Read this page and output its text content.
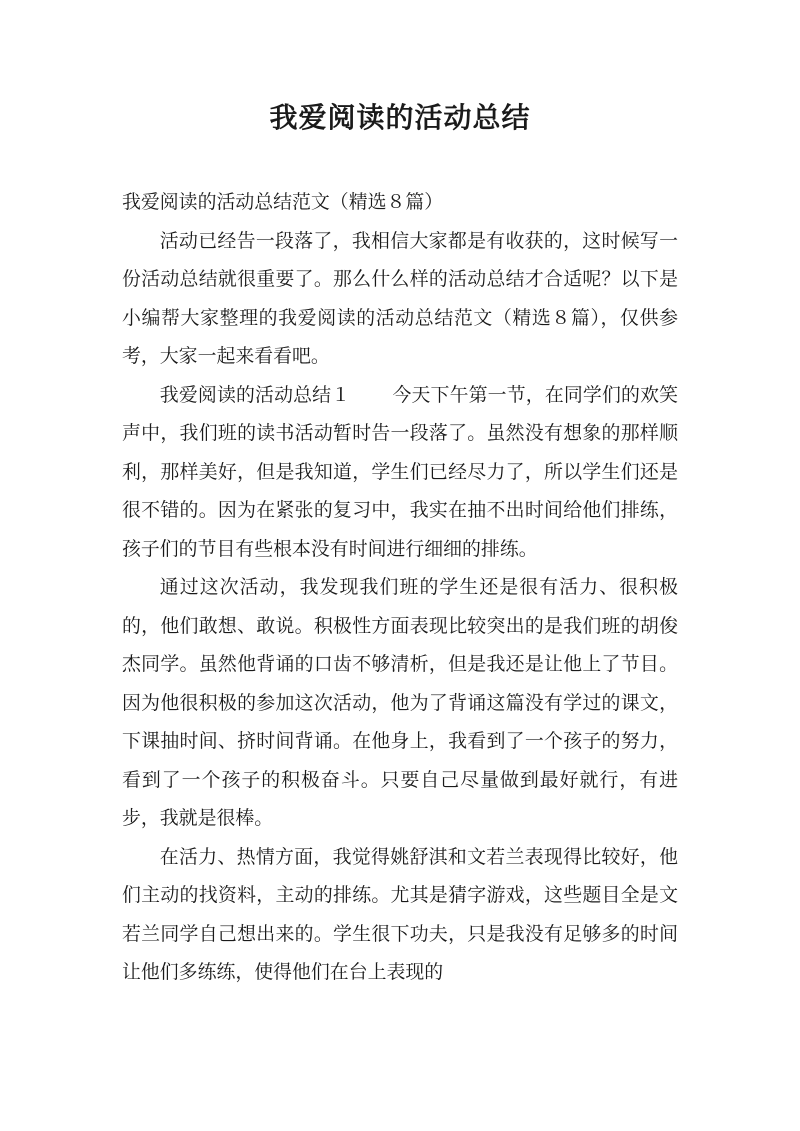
我爱阅读的活动总结

我爱阅读的活动总结范文（精选８篇）

活动已经告一段落了，我相信大家都是有收获的，这时候写一份活动总结就很重要了。那么什么样的活动总结才合适呢？以下是小编帮大家整理的我爱阅读的活动总结范文（精选８篇），仅供参考，大家一起来看看吧。

我爱阅读的活动总结１ 今天下午第一节，在同学们的欢笑声中，我们班的读书活动暂时告一段落了。虽然没有想象的那样顺利，那样美好，但是我知道，学生们已经尽力了，所以学生们还是很不错的。因为在紧张的复习中，我实在抽不出时间给他们排练，孩子们的节目有些根本没有时间进行细细的排练。

通过这次活动，我发现我们班的学生还是很有活力、很积极的，他们敢想、敢说。积极性方面表现比较突出的是我们班的胡俊杰同学。虽然他背诵的口齿不够清析，但是我还是让他上了节目。因为他很积极的参加这次活动，他为了背诵这篇没有学过的课文，下课抽时间、挤时间背诵。在他身上，我看到了一个孩子的努力，看到了一个孩子的积极奋斗。只要自己尽量做到最好就行，有进步，我就是很棒。

在活力、热情方面，我觉得姚舒淇和文若兰表现得比较好，他们主动的找资料，主动的排练。尤其是猜字游戏，这些题目全是文若兰同学自己想出来的。学生很下功夫，只是我没有足够多的时间让他们多练练，使得他们在台上表现的
